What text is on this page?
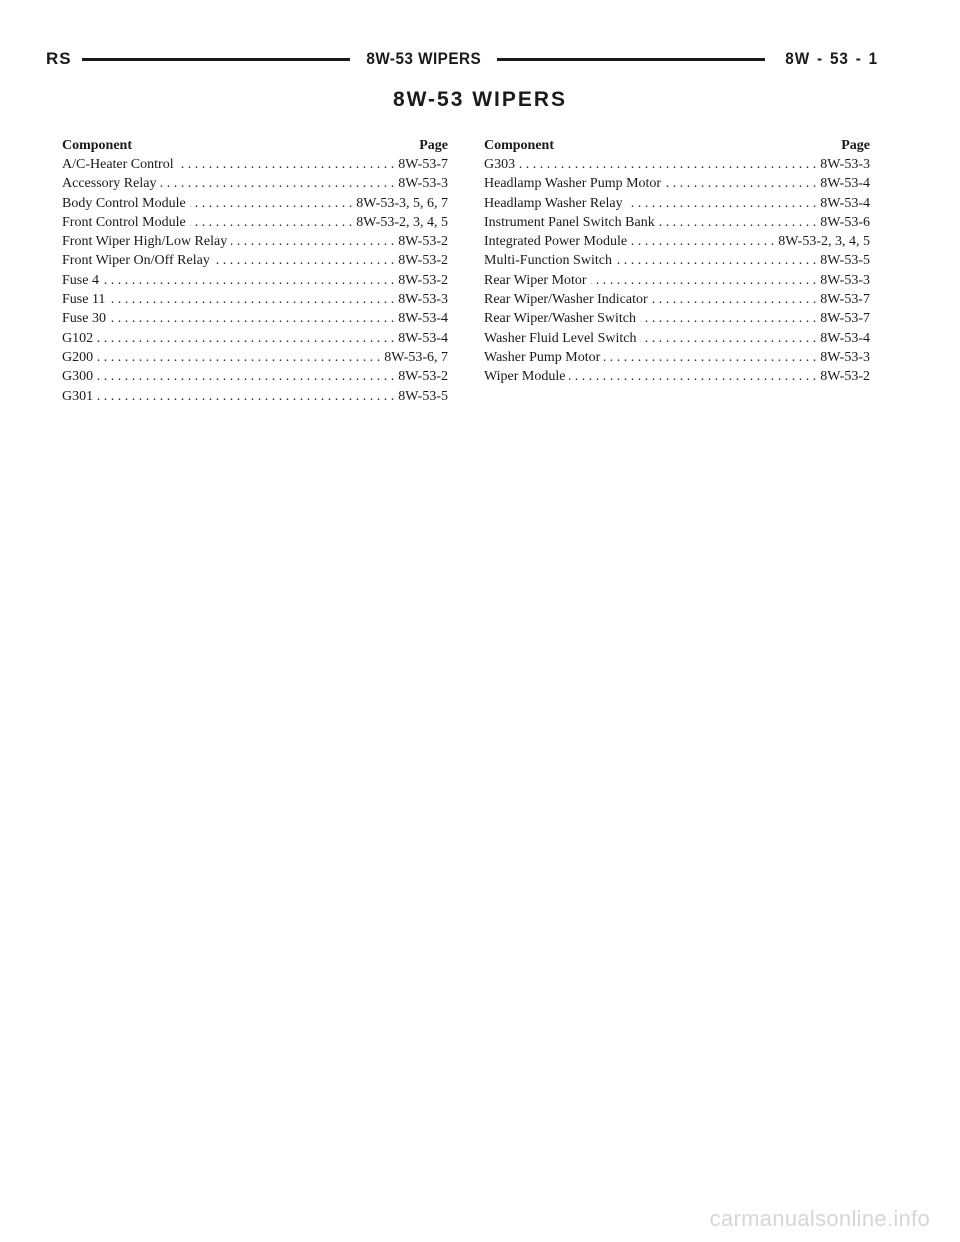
RS	8W-53 WIPERS	8W - 53 - 1
8W-53 WIPERS
Component	Page
A/C-Heater Control . . .	8W-53-7
Accessory Relay . . .	8W-53-3
Body Control Module . . .	8W-53-3, 5, 6, 7
Front Control Module . . .	8W-53-2, 3, 4, 5
Front Wiper High/Low Relay . . .	8W-53-2
Front Wiper On/Off Relay . . .	8W-53-2
Fuse 4 . . .	8W-53-2
Fuse 11 . . .	8W-53-3
Fuse 30 . . .	8W-53-4
G102 . . .	8W-53-4
G200 . . .	8W-53-6, 7
G300 . . .	8W-53-2
G301 . . .	8W-53-5
Component	Page
G303 . . .	8W-53-3
Headlamp Washer Pump Motor . . .	8W-53-4
Headlamp Washer Relay . . .	8W-53-4
Instrument Panel Switch Bank . . .	8W-53-6
Integrated Power Module . . .	8W-53-2, 3, 4, 5
Multi-Function Switch . . .	8W-53-5
Rear Wiper Motor . . .	8W-53-3
Rear Wiper/Washer Indicator . . .	8W-53-7
Rear Wiper/Washer Switch . . .	8W-53-7
Washer Fluid Level Switch . . .	8W-53-4
Washer Pump Motor . . .	8W-53-3
Wiper Module . . .	8W-53-2
carmanualsonline.info
